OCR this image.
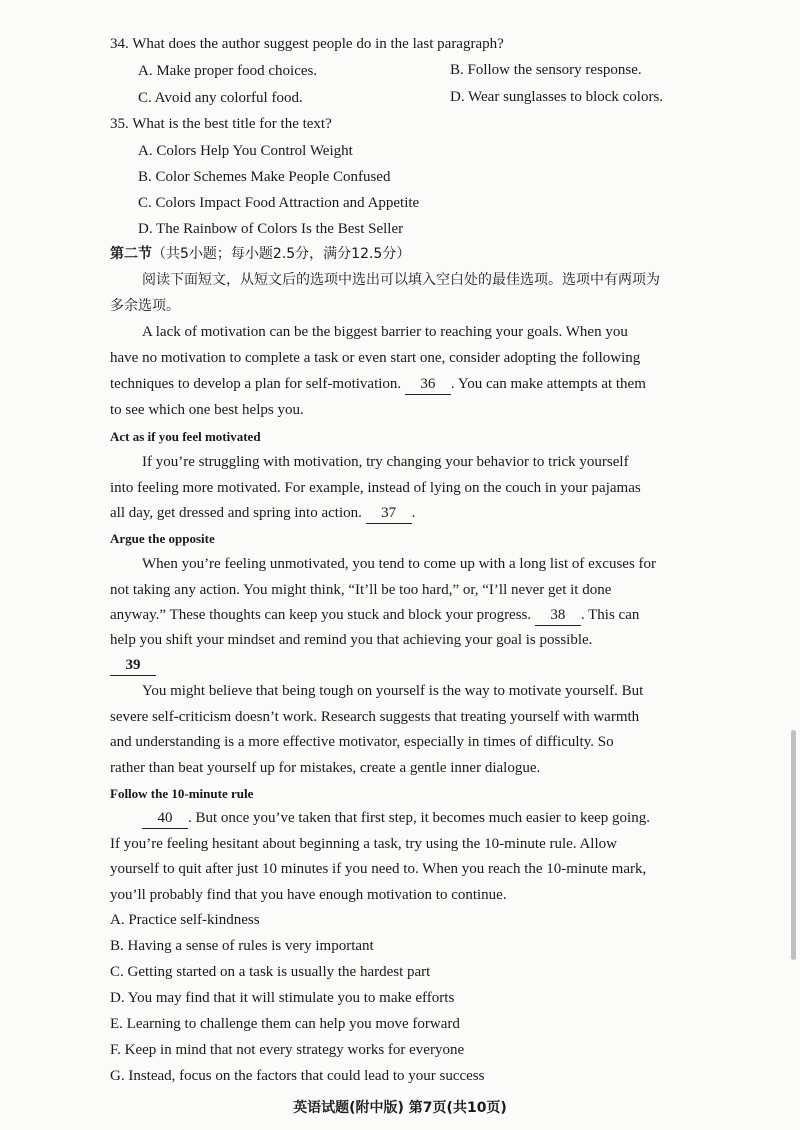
34. What does the author suggest people do in the last paragraph?
A. Make proper food choices.	B. Follow the sensory response.
C. Avoid any colorful food.	D. Wear sunglasses to block colors.
35. What is the best title for the text?
A. Colors Help You Control Weight
B. Color Schemes Make People Confused
C. Colors Impact Food Attraction and Appetite
D. The Rainbow of Colors Is the Best Seller
第二节（共5小题；每小题2.5分，满分12.5分）
阅读下面短文，从短文后的选项中选出可以填入空白处的最佳选项。选项中有两项为
多余选项。
A lack of motivation can be the biggest barrier to reaching your goals. When you
have no motivation to complete a task or even start one, consider adopting the following
techniques to develop a plan for self-motivation. 36 . You can make attempts at them
to see which one best helps you.
Act as if you feel motivated
If you’re struggling with motivation, try changing your behavior to trick yourself
into feeling more motivated. For example, instead of lying on the couch in your pajamas
all day, get dressed and spring into action. 37 .
Argue the opposite
When you’re feeling unmotivated, you tend to come up with a long list of excuses for
not taking any action. You might think, “It’ll be too hard,” or, “I’ll never get it done
anyway.” These thoughts can keep you stuck and block your progress. 38 . This can
help you shift your mindset and remind you that achieving your goal is possible.
39
You might believe that being tough on yourself is the way to motivate yourself. But
severe self-criticism doesn’t work. Research suggests that treating yourself with warmth
and understanding is a more effective motivator, especially in times of difficulty. So
rather than beat yourself up for mistakes, create a gentle inner dialogue.
Follow the 10-minute rule
40 . But once you’ve taken that first step, it becomes much easier to keep going.
If you’re feeling hesitant about beginning a task, try using the 10-minute rule. Allow
yourself to quit after just 10 minutes if you need to. When you reach the 10-minute mark,
you’ll probably find that you have enough motivation to continue.
A. Practice self-kindness
B. Having a sense of rules is very important
C. Getting started on a task is usually the hardest part
D. You may find that it will stimulate you to make efforts
E. Learning to challenge them can help you move forward
F. Keep in mind that not every strategy works for everyone
G. Instead, focus on the factors that could lead to your success
英语试题(附中版) 第7页(共10页)
